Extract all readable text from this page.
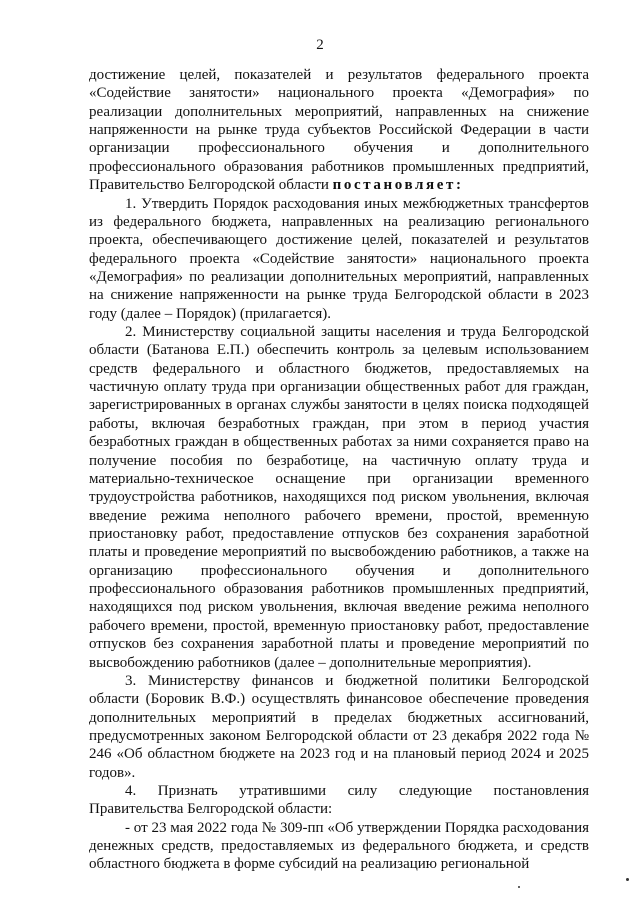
2

достижение целей, показателей и результатов федерального проекта «Содействие занятости» национального проекта «Демография» по реализации дополнительных мероприятий, направленных на снижение напряженности на рынке труда субъектов Российской Федерации в части организации профессионального обучения и дополнительного профессионального образования работников промышленных предприятий, Правительство Белгородской области постановляет:

1. Утвердить Порядок расходования иных межбюджетных трансфертов из федерального бюджета, направленных на реализацию регионального проекта, обеспечивающего достижение целей, показателей и результатов федерального проекта «Содействие занятости» национального проекта «Демография» по реализации дополнительных мероприятий, направленных на снижение напряженности на рынке труда Белгородской области в 2023 году (далее – Порядок) (прилагается).

2. Министерству социальной защиты населения и труда Белгородской области (Батанова Е.П.) обеспечить контроль за целевым использованием средств федерального и областного бюджетов, предоставляемых на частичную оплату труда при организации общественных работ для граждан, зарегистрированных в органах службы занятости в целях поиска подходящей работы, включая безработных граждан, при этом в период участия безработных граждан в общественных работах за ними сохраняется право на получение пособия по безработице, на частичную оплату труда и материально-техническое оснащение при организации временного трудоустройства работников, находящихся под риском увольнения, включая введение режима неполного рабочего времени, простой, временную приостановку работ, предоставление отпусков без сохранения заработной платы и проведение мероприятий по высвобождению работников, а также на организацию профессионального обучения и дополнительного профессионального образования работников промышленных предприятий, находящихся под риском увольнения, включая введение режима неполного рабочего времени, простой, временную приостановку работ, предоставление отпусков без сохранения заработной платы и проведение мероприятий по высвобождению работников (далее – дополнительные мероприятия).

3. Министерству финансов и бюджетной политики Белгородской области (Боровик В.Ф.) осуществлять финансовое обеспечение проведения дополнительных мероприятий в пределах бюджетных ассигнований, предусмотренных законом Белгородской области от 23 декабря 2022 года № 246 «Об областном бюджете на 2023 год и на плановый период 2024 и 2025 годов».

4. Признать утратившими силу следующие постановления Правительства Белгородской области:

- от 23 мая 2022 года № 309-пп «Об утверждении Порядка расходования денежных средств, предоставляемых из федерального бюджета, и средств областного бюджета в форме субсидий на реализацию региональной
